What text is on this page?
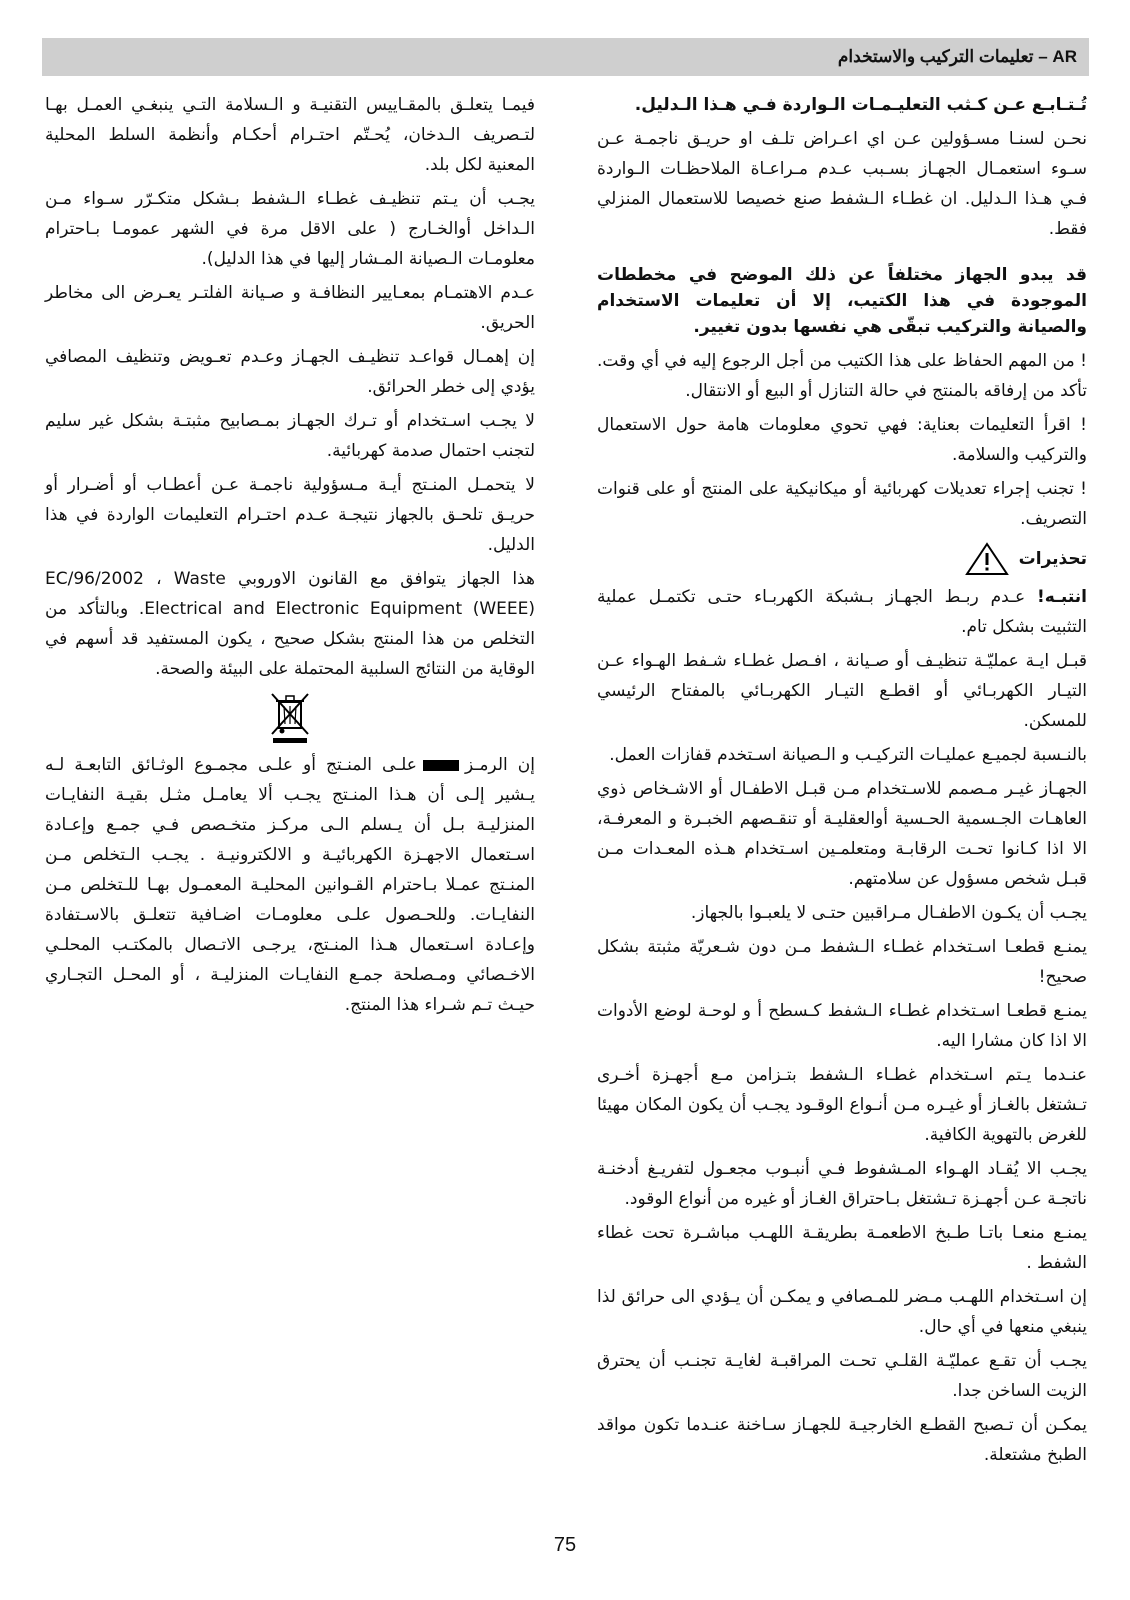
تعليمات التركيب والاستخدام – AR

تُـتـابـع عـن كـثب التعليـمـات الـواردة فـي هـذا الـدليل.

نحـن لسنـا مسـؤولين عـن اي اعـراض تلـف او حريـق ناجمـة عـن سـوء استعمـال الجهـاز بسـبب عـدم مـراعـاة الملاحظـات الـواردة فـي هـذا الـدليل. ان غطـاء الـشفط صنع خصيصا للاستعمال المنزلي فقط.

قد يبدو الجهاز مختلفاً عن ذلك الموضح في مخططات الموجودة في هذا الكتيب، إلا أن تعليمات الاستخدام والصيانة والتركيب تبقّى هي نفسها بدون تغيير.

! من المهم الحفاظ على هذا الكتيب من أجل الرجوع إليه في أي وقت. تأكد من إرفاقه بالمنتج في حالة التنازل أو البيع أو الانتقال.

! اقرأ التعليمات بعناية: فهي تحوي معلومات هامة حول الاستعمال والتركيب والسلامة.

! تجنب إجراء تعديلات كهربائية أو ميكانيكية على المنتج أو على قنوات التصريف.

تحذيرات

انتبـه! عـدم ربـط الجهـاز بـشبكة الكهربـاء حتـى تكتمـل عملية التثبيت بشكل تام.

قبـل ايـة عمليّـة تنظيـف أو صـيانة ، افـصل غطـاء شـفط الهـواء عـن التيـار الكهربـائي أو اقطـع التيـار الكهربـائي بالمفتاح الرئيسي للمسكن.

بالنـسبة لجميـع عمليـات التركيـب و الـصيانة اسـتخدم قفازات العمل.

الجهـاز غيـر مـصمم للاسـتخدام مـن قبـل الاطفـال أو الاشـخاص ذوي العاهـات الجـسمية الحـسية أوالعقليـة أو تنقـصهم الخبـرة و المعرفـة، الا اذا كـانوا تحـت الرقابـة ومتعلمـين اسـتخدام هـذه المعـدات مـن قبـل شخص مسؤول عن سلامتهم.

يجـب أن يكـون الاطفـال مـراقبين حتـى لا يلعبـوا بالجهاز.

يمنـع قطعـا اسـتخدام غطـاء الـشفط مـن دون شـعريّة مثبتة بشكل صحيح!

يمنـع قطعـا اسـتخدام غطـاء الـشفط كـسطح أ و لوحـة لوضع الأدوات الا اذا كان مشارا اليه.

عنـدما يـتم اسـتخدام غطـاء الـشفط بتـزامن مـع أجهـزة أخـرى تـشتغل بالغـاز أو غيـره مـن أنـواع الوقـود يجـب أن يكون المكان مهيئا للغرض بالتهوية الكافية.

يجـب الا يُقـاد الهـواء المـشفوط فـي أنبـوب مجعـول لتفريـغ أدخنـة ناتجـة عـن أجهـزة تـشتغل بـاحتراق الغـاز أو غيره من أنواع الوقود.

يمنـع منعـا باتـا طـبخ الاطعمـة بطريقـة اللهـب مباشـرة تحت غطاء الشفط .

إن اسـتخدام اللهـب مـضر للمـصافي و يمكـن أن يـؤدي الى حرائق لذا ينبغي منعها في أي حال.

يجـب أن تقـع عمليّـة القلـي تحـت المراقبـة لغايـة تجنـب أن يحترق الزيت الساخن جدا.

يمكـن أن تـصبح القطـع الخارجيـة للجهـاز سـاخنة عنـدما تكون مواقد الطبخ مشتعلة.

فيمـا يتعلـق بالمقـاييس التقنيـة و الـسلامة التـي ينبغـي العمـل بهـا لتـصريف الـدخان، يُحـتّم احتـرام أحكـام وأنظمة السلط المحلية المعنية لكل بلد.

يجـب أن يـتم تنظيـف غطـاء الـشفط بـشكل متكـرّر سـواء مـن الـداخل أوالخـارج ( على الاقل مرة في الشهر عمومـا بـاحترام معلومـات الـصيانة المـشار إليها في هذا الدليل).

عـدم الاهتمـام بمعـايير النظافـة و صـيانة الفلتـر يعـرض الى مخاطر الحريق.

إن إهمـال قواعـد تنظيـف الجهـاز وعـدم تعـويض وتنظيف المصافي يؤدي إلى خطر الحرائق.

لا يجـب اسـتخدام أو تـرك الجهـاز بمـصابيح مثبتـة بشكل غير سليم لتجنب احتمال صدمة كهربائية.

لا يتحمـل المنـتج أيـة مـسؤولية ناجمـة عـن أعطـاب أو أضـرار أو حريـق تلحـق بالجهاز نتيجـة عـدم احتـرام التعليمات الواردة في هذا الدليل.

هذا الجهاز يتوافق مع القانون الاوروبي EC/96/2002 ، Waste Electrical and Electronic Equipment (WEEE). وبالتأكد من التخلص من هذا المنتج بشكل صحيح ، يكون المستفيد قد أسهم في الوقاية من النتائج السلبية المحتملة على البيئة والصحة.

إن الرمـزعلـى المنـتج أو علـى مجمـوع الوثـائق التابعـة لـه يـشير إلـى أن هـذا المنـتج يجـب ألا يعامـل مثـل بقيـة النفايـات المنزليـة بـل أن يـسلم الـى مركـز متخـصص فـي جمـع وإعـادة اسـتعمال الاجهـزة الكهربائيـة و الالكترونيـة . يجـب الـتخلص مـن المنـتج عمـلا بـاحترام القـوانين المحليـة المعمـول بهـا للـتخلص مـن النفايـات. وللحـصول علـى معلومـات اضـافية تتعلـق بالاسـتفادة وإعـادة اسـتعمال هـذا المنـتج، يرجـى الاتـصال بالمكتـب المحلـي الاخـصائي ومـصلحة جمـع النفايـات المنزليـة ، أو المحـل التجـاري حيـث تـم شـراء هذا المنتج.

75
